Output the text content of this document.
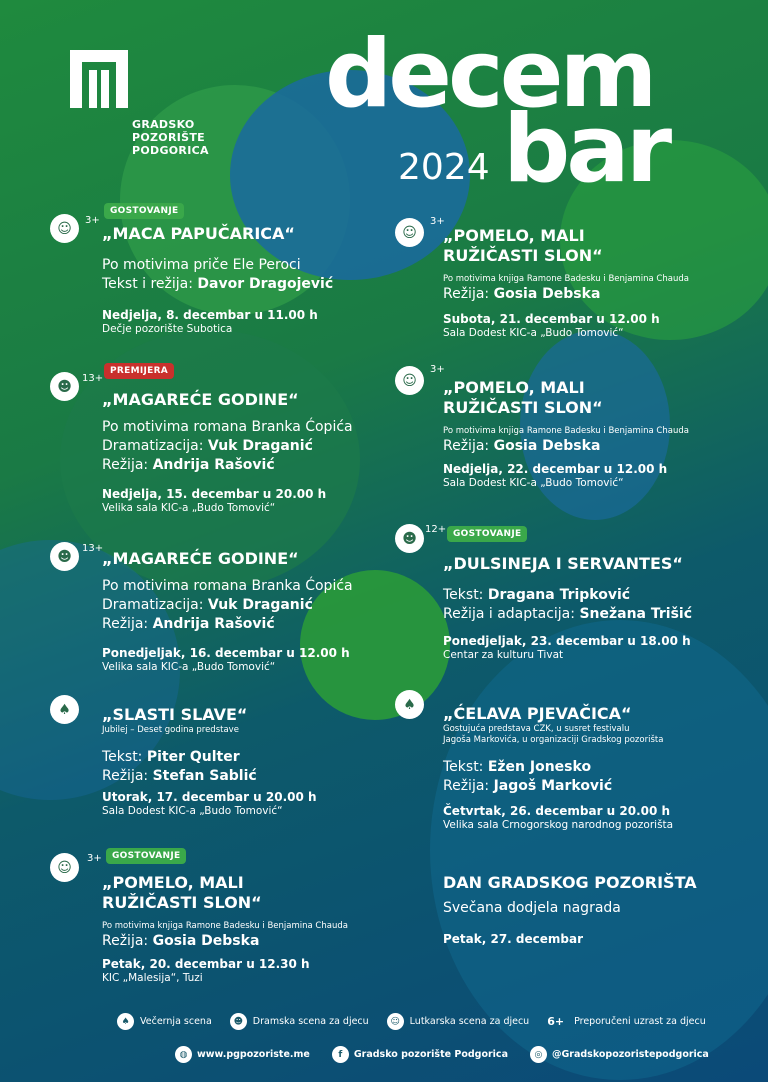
GRADSKO
POZORIŠTE
PODGORICA
decem
2024 bar
☺	3+
GOSTOVANJE
„MACA PAPUČARICA“
Po motivima priče Ele Peroci
Tekst i režija: Davor Dragojević
Nedjelja, 8. decembar u 11.00 h
Dečje pozorište Subotica
☻	13+
PREMIJERA
„MAGAREĆE GODINE“
Po motivima romana Branka Ćopića
Dramatizacija: Vuk Draganić
Režija: Andrija Rašović
Nedjelja, 15. decembar u 20.00 h
Velika sala KIC-a „Budo Tomović“
☻	13+
„MAGAREĆE GODINE“
Po motivima romana Branka Ćopića
Dramatizacija: Vuk Draganić
Režija: Andrija Rašović
Ponedjeljak, 16. decembar u 12.00 h
Velika sala KIC-a „Budo Tomović“
♠	„SLASTI SLAVE“
Jubilej – Deset godina predstave
Tekst: Piter Qulter
Režija: Stefan Sablić
Utorak, 17. decembar u 20.00 h
Sala Dodest KIC-a „Budo Tomović“
☺
3+	GOSTOVANJE
„POMELO, MALI
RUŽIČASTI SLON“
Po motivima knjiga Ramone Badesku i Benjamina Chauda
Režija: Gosia Debska
Petak, 20. decembar u 12.30 h
KIC „Malesija“, Tuzi
☺
3+
„POMELO, MALI
RUŽIČASTI SLON“
Po motivima knjiga Ramone Badesku i Benjamina Chauda
Režija: Gosia Debska
Subota, 21. decembar u 12.00 h
Sala Dodest KIC-a „Budo Tomović“
☺
3+
„POMELO, MALI
RUŽIČASTI SLON“
Po motivima knjiga Ramone Badesku i Benjamina Chauda
Režija: Gosia Debska
Nedjelja, 22. decembar u 12.00 h
Sala Dodest KIC-a „Budo Tomović“
☻
12+ GOSTOVANJE
„DULSINEJA I SERVANTES“
Tekst: Dragana Tripković
Režija i adaptacija: Snežana Trišić
Ponedjeljak, 23. decembar u 18.00 h
Centar za kulturu Tivat
♠	„ĆELAVA PJEVAČICA“
Gostujuća predstava CZK, u susret festivalu
Jagoša Markovića, u organizaciji Gradskog pozorišta
Tekst: Ežen Jonesko
Režija: Jagoš Marković
Četvrtak, 26. decembar u 20.00 h
Velika sala Crnogorskog narodnog pozorišta
DAN GRADSKOG POZORIŠTA
Svečana dodjela nagrada
Petak, 27. decembar
♠	Večernja scena	☻	Dramska scena za djecu	☺	Lutkarska scena za djecu 6+ Preporučeni uzrast za djecu
◍	www.pgpozoriste.me	f	Gradsko pozorište Podgorica	◎	@Gradskopozoristepodgorica
